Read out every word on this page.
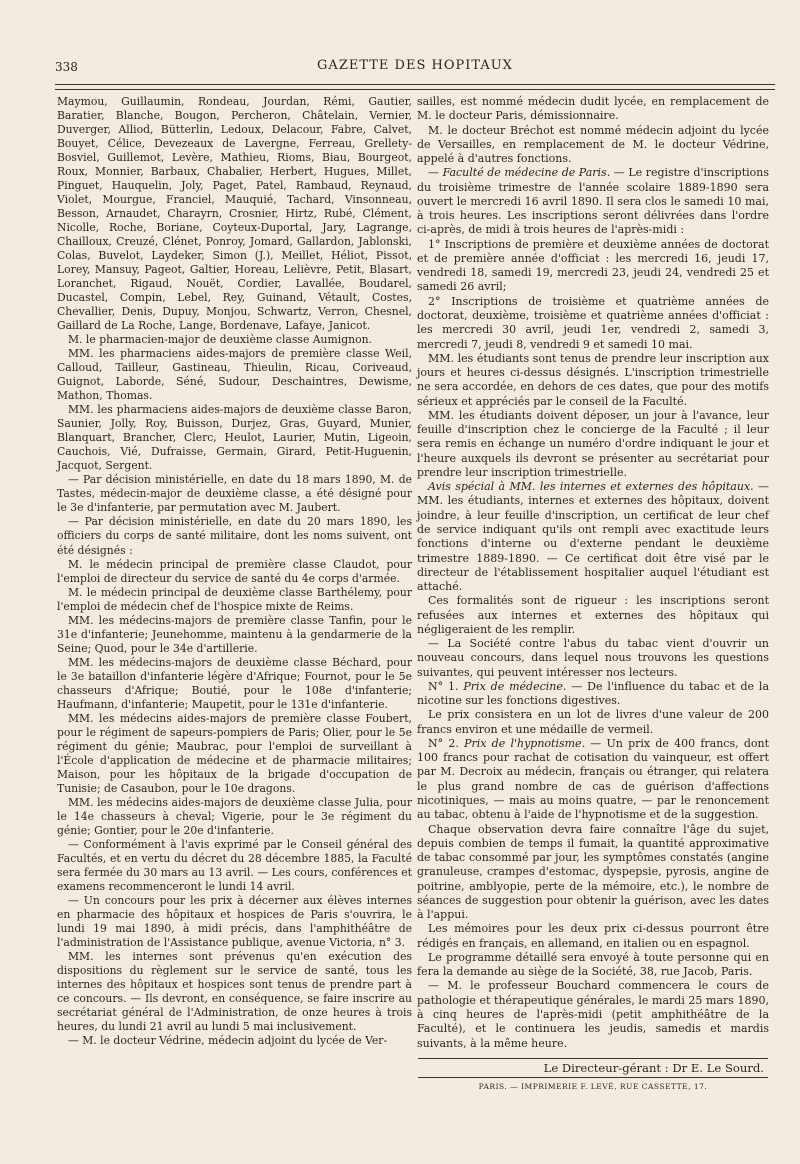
338	GAZETTE DES HOPITAUX

Maymou, Guillaumin, Rondeau, Jourdan, Rémi, Gautier, Baratier, Blanche, Bougon, Percheron, Châtelain, Vernier, Duverger, Alliod, Bütterlin, Ledoux, Delacour, Fabre, Calvet, Bouyet, Célice, Devezeaux de Lavergne, Ferreau, Grellety-Bosviel, Guillemot, Levère, Mathieu, Rioms, Biau, Bourgeot, Roux, Monnier, Barbaux, Chabalier, Herbert, Hugues, Millet, Pinguet, Hauquelin, Joly, Paget, Patel, Rambaud, Reynaud, Violet, Mourgue, Franciel, Mauquié, Tachard, Vinsonneau, Besson, Arnaudet, Charayrn, Crosnier, Hirtz, Rubé, Clément, Nicolle, Roche, Boriane, Coyteux-Duportal, Jary, Lagrange, Chailloux, Creuzé, Clénet, Ponroy, Jomard, Gallardon, Jablonski, Colas, Buvelot, Laydeker, Simon (J.), Meillet, Héliot, Pissot, Lorey, Mansuy, Pageot, Galtier, Horeau, Lelièvre, Petit, Blasart, Loranchet, Rigaud, Nouët, Cordier, Lavallée, Boudarel, Ducastel, Compin, Lebel, Rey, Guinand, Vétault, Costes, Chevallier, Denis, Dupuy, Monjou, Schwartz, Verron, Chesnel, Gaillard de La Roche, Lange, Bordenave, Lafaye, Janicot.

M. le pharmacien-major de deuxième classe Aumignon.

MM. les pharmaciens aides-majors de première classe Weil, Calloud, Tailleur, Gastineau, Thieulin, Ricau, Coriveaud, Guignot, Laborde, Séné, Sudour, Deschaintres, Dewisme, Mathon, Thomas.

MM. les pharmaciens aides-majors de deuxième classe Baron, Saunier, Jolly, Roy, Buisson, Durjez, Gras, Guyard, Munier, Blanquart, Brancher, Clerc, Heulot, Laurier, Mutin, Ligeoin, Cauchois, Vié, Dufraisse, Germain, Girard, Petit-Huguenin, Jacquot, Sergent.

— Par décision ministérielle, en date du 18 mars 1890, M. de Tastes, médecin-major de deuxième classe, a été désigné pour le 3e d'infanterie, par permutation avec M. Jaubert.

— Par décision ministérielle, en date du 20 mars 1890, les officiers du corps de santé militaire, dont les noms suivent, ont été désignés :

M. le médecin principal de première classe Claudot, pour l'emploi de directeur du service de santé du 4e corps d'armée.

M. le médecin principal de deuxième classe Barthélemy, pour l'emploi de médecin chef de l'hospice mixte de Reims.

MM. les médecins-majors de première classe Tanfin, pour le 31e d'infanterie; Jeunehomme, maintenu à la gendarmerie de la Seine; Quod, pour le 34e d'artillerie.

MM. les médecins-majors de deuxième classe Béchard, pour le 3e bataillon d'infanterie légère d'Afrique; Fournot, pour le 5e chasseurs d'Afrique; Boutié, pour le 108e d'infanterie; Haufmann, d'infanterie; Maupetit, pour le 131e d'infanterie.

MM. les médecins aides-majors de première classe Foubert, pour le régiment de sapeurs-pompiers de Paris; Olier, pour le 5e régiment du génie; Maubrac, pour l'emploi de surveillant à l'École d'application de médecine et de pharmacie militaires; Maison, pour les hôpitaux de la brigade d'occupation de Tunisie; de Casaubon, pour le 10e dragons.

MM. les médecins aides-majors de deuxième classe Julia, pour le 14e chasseurs à cheval; Vigerie, pour le 3e régiment du génie; Gontier, pour le 20e d'infanterie.

— Conformément à l'avis exprimé par le Conseil général des Facultés, et en vertu du décret du 28 décembre 1885, la Faculté sera fermée du 30 mars au 13 avril. — Les cours, conférences et examens recommenceront le lundi 14 avril.

— Un concours pour les prix à décerner aux élèves internes en pharmacie des hôpitaux et hospices de Paris s'ouvrira, le lundi 19 mai 1890, à midi précis, dans l'amphithéâtre de l'administration de l'Assistance publique, avenue Victoria, n° 3.

MM. les internes sont prévenus qu'en exécution des dispositions du règlement sur le service de santé, tous les internes des hôpitaux et hospices sont tenus de prendre part à ce concours. — Ils devront, en conséquence, se faire inscrire au secrétariat général de l'Administration, de onze heures à trois heures, du lundi 21 avril au lundi 5 mai inclusivement.

— M. le docteur Védrine, médecin adjoint du lycée de Ver-

sailles, est nommé médecin dudit lycée, en remplacement de M. le docteur Paris, démissionnaire.

M. le docteur Bréchot est nommé médecin adjoint du lycée de Versailles, en remplacement de M. le docteur Védrine, appelé à d'autres fonctions.

— Faculté de médecine de Paris. — Le registre d'inscriptions du troisième trimestre de l'année scolaire 1889-1890 sera ouvert le mercredi 16 avril 1890. Il sera clos le samedi 10 mai, à trois heures. Les inscriptions seront délivrées dans l'ordre ci-après, de midi à trois heures de l'après-midi :

1° Inscriptions de première et deuxième années de doctorat et de première année d'officiat : les mercredi 16, jeudi 17, vendredi 18, samedi 19, mercredi 23, jeudi 24, vendredi 25 et samedi 26 avril;

2° Inscriptions de troisième et quatrième années de doctorat, deuxième, troisième et quatrième années d'officiat : les mercredi 30 avril, jeudi 1er, vendredi 2, samedi 3, mercredi 7, jeudi 8, vendredi 9 et samedi 10 mai.

MM. les étudiants sont tenus de prendre leur inscription aux jours et heures ci-dessus désignés. L'inscription trimestrielle ne sera accordée, en dehors de ces dates, que pour des motifs sérieux et appréciés par le conseil de la Faculté.

MM. les étudiants doivent déposer, un jour à l'avance, leur feuille d'inscription chez le concierge de la Faculté ; il leur sera remis en échange un numéro d'ordre indiquant le jour et l'heure auxquels ils devront se présenter au secrétariat pour prendre leur inscription trimestrielle.

Avis spécial à MM. les internes et externes des hôpitaux. — MM. les étudiants, internes et externes des hôpitaux, doivent joindre, à leur feuille d'inscription, un certificat de leur chef de service indiquant qu'ils ont rempli avec exactitude leurs fonctions d'interne ou d'externe pendant le deuxième trimestre 1889-1890. — Ce certificat doit être visé par le directeur de l'établissement hospitalier auquel l'étudiant est attaché.

Ces formalités sont de rigueur : les inscriptions seront refusées aux internes et externes des hôpitaux qui négligeraient de les remplir.

— La Société contre l'abus du tabac vient d'ouvrir un nouveau concours, dans lequel nous trouvons les questions suivantes, qui peuvent intéresser nos lecteurs.

N° 1. Prix de médecine. — De l'influence du tabac et de la nicotine sur les fonctions digestives.

Le prix consistera en un lot de livres d'une valeur de 200 francs environ et une médaille de vermeil.

N° 2. Prix de l'hypnotisme. — Un prix de 400 francs, dont 100 francs pour rachat de cotisation du vainqueur, est offert par M. Decroix au médecin, français ou étranger, qui relatera le plus grand nombre de cas de guérison d'affections nicotiniques, — mais au moins quatre, — par le renoncement au tabac, obtenu à l'aide de l'hypnotisme et de la suggestion.

Chaque observation devra faire connaître l'âge du sujet, depuis combien de temps il fumait, la quantité approximative de tabac consommé par jour, les symptômes constatés (angine granuleuse, crampes d'estomac, dyspepsie, pyrosis, angine de poitrine, amblyopie, perte de la mémoire, etc.), le nombre de séances de suggestion pour obtenir la guérison, avec les dates à l'appui.

Les mémoires pour les deux prix ci-dessus pourront être rédigés en français, en allemand, en italien ou en espagnol.

Le programme détaillé sera envoyé à toute personne qui en fera la demande au siège de la Société, 38, rue Jacob, Paris.

— M. le professeur Bouchard commencera le cours de pathologie et thérapeutique générales, le mardi 25 mars 1890, à cinq heures de l'après-midi (petit amphithéâtre de la Faculté), et le continuera les jeudis, samedis et mardis suivants, à la même heure.

Le Directeur-gérant : Dr E. Le Sourd.
PARIS. — IMPRIMERIE F. LEVÉ, RUE CASSETTE, 17.
